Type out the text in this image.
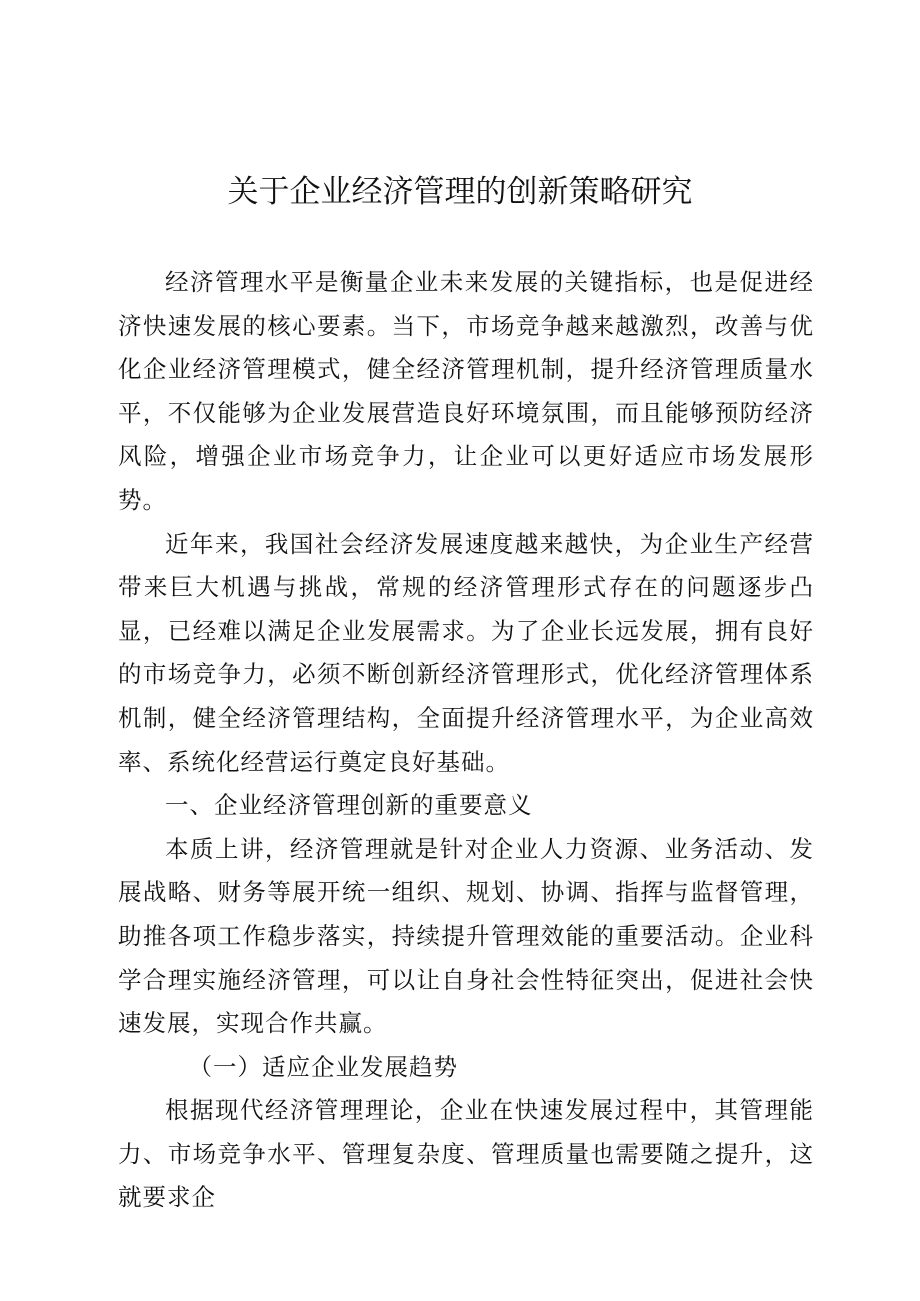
关于企业经济管理的创新策略研究

经济管理水平是衡量企业未来发展的关键指标，也是促进经济快速发展的核心要素。当下，市场竞争越来越激烈，改善与优化企业经济管理模式，健全经济管理机制，提升经济管理质量水平，不仅能够为企业发展营造良好环境氛围，而且能够预防经济风险，增强企业市场竞争力，让企业可以更好适应市场发展形势。

近年来，我国社会经济发展速度越来越快，为企业生产经营带来巨大机遇与挑战，常规的经济管理形式存在的问题逐步凸显，已经难以满足企业发展需求。为了企业长远发展，拥有良好的市场竞争力，必须不断创新经济管理形式，优化经济管理体系机制，健全经济管理结构，全面提升经济管理水平，为企业高效率、系统化经营运行奠定良好基础。

一、企业经济管理创新的重要意义

本质上讲，经济管理就是针对企业人力资源、业务活动、发展战略、财务等展开统一组织、规划、协调、指挥与监督管理，助推各项工作稳步落实，持续提升管理效能的重要活动。企业科学合理实施经济管理，可以让自身社会性特征突出，促进社会快速发展，实现合作共赢。

（一）适应企业发展趋势

根据现代经济管理理论，企业在快速发展过程中，其管理能力、市场竞争水平、管理复杂度、管理质量也需要随之提升，这就要求企
